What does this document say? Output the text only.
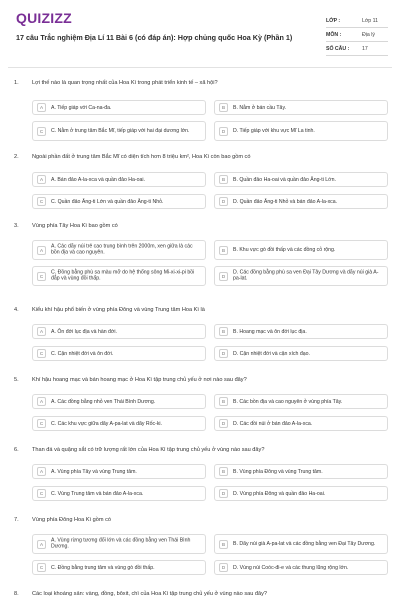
QUIZIZZ
17 câu Trắc nghiệm Địa Lí 11 Bài 6 (có đáp án): Hợp chủng quốc Hoa Kỳ (Phần 1)
LỚP :	Lớp 11
MÔN :	Địa lý
SỐ CÂU : 17
1. Lợi thế nào là quan trọng nhất của Hoa Kì trong phát triển kinh tế – xã hội?
A	A. Tiếp giáp với Ca-na-đa.	B	B. Nằm ở bán cầu Tây.
C	C. Nằm ở trung tâm Bắc Mĩ, tiếp giáp với hai đại dương lớn.	D	D. Tiếp giáp với khu vực Mĩ La tinh.
2. Ngoài phần đất ở trung tâm Bắc Mĩ có diện tích hơn 8 triệu km², Hoa Kì còn bao gồm có
A	A. Bán đảo A-la-xca và quần đảo Ha-oai.	B	B. Quần đảo Ha-oai và quần đảo Ăng-ti Lớn.
C	C. Quần đảo Ăng-ti Lớn và quần đảo Ăng-ti Nhỏ.	D	D. Quần đảo Ăng-ti Nhỏ và bán đảo A-la-xca.
3. Vùng phía Tây Hoa Kì bao gồm có
A
A. Các dãy núi trẻ cao trung bình trên 2000m, xen giữa là các bồn địa và cao nguyên.	B	B. Khu vực gò đồi thấp và các đồng cỏ rộng.
C
C. Đồng bằng phù sa màu mỡ do hệ thống sông Mi-xi-xi-pi bồi đắp và vùng đồi thấp.	D
D. Các đồng bằng phù sa ven Đại Tây Dương và dãy núi già A-pa-lat.
4. Kiểu khí hậu phổ biến ở vùng phía Đông và vùng Trung tâm Hoa Kì là
A	A. Ôn đới lục địa và hàn đới.	B	B. Hoang mạc và ôn đới lục địa.
C	C. Cận nhiệt đới và ôn đới.	D	D. Cận nhiệt đới và cận xích đạo.
5. Khí hậu hoang mạc và bán hoang mạc ở Hoa Kì tập trung chủ yếu ở nơi nào sau đây?
A	A. Các đồng bằng nhỏ ven Thái Bình Dương.	B	B. Các bồn địa và cao nguyên ở vùng phía Tây.
C	C. Các khu vực giữa dãy A-pa-lat và dãy Rốc-ki.	D	D. Các đồi núi ở bán đảo A-la-xca.
6. Than đá và quặng sắt có trữ lượng rất lớn của Hoa Kì tập trung chủ yếu ở vùng nào sau đây?
A	A. Vùng phía Tây và vùng Trung tâm.	B	B. Vùng phía Đông và vùng Trung tâm.
C	C. Vùng Trung tâm và bán đảo A-la-xca.	D	D. Vùng phía Đông và quần đảo Ha-oai.
7. Vùng phía Đông Hoa Kì gồm có
A
A. Vùng rừng tương đối lớn và các đồng bằng ven Thái Bình Dương.	B	B. Dãy núi già A-pa-lat và các đồng bằng ven Đại Tây Dương.
C	C. Đồng bằng trung tâm và vùng gò đồi thấp.	D	D. Vùng núi Coóc-đi-e và các thung lũng rộng lớn.
8. Các loại khoáng sản: vàng, đồng, bôxit, chì của Hoa Kì tập trung chủ yếu ở vùng nào sau đây?
